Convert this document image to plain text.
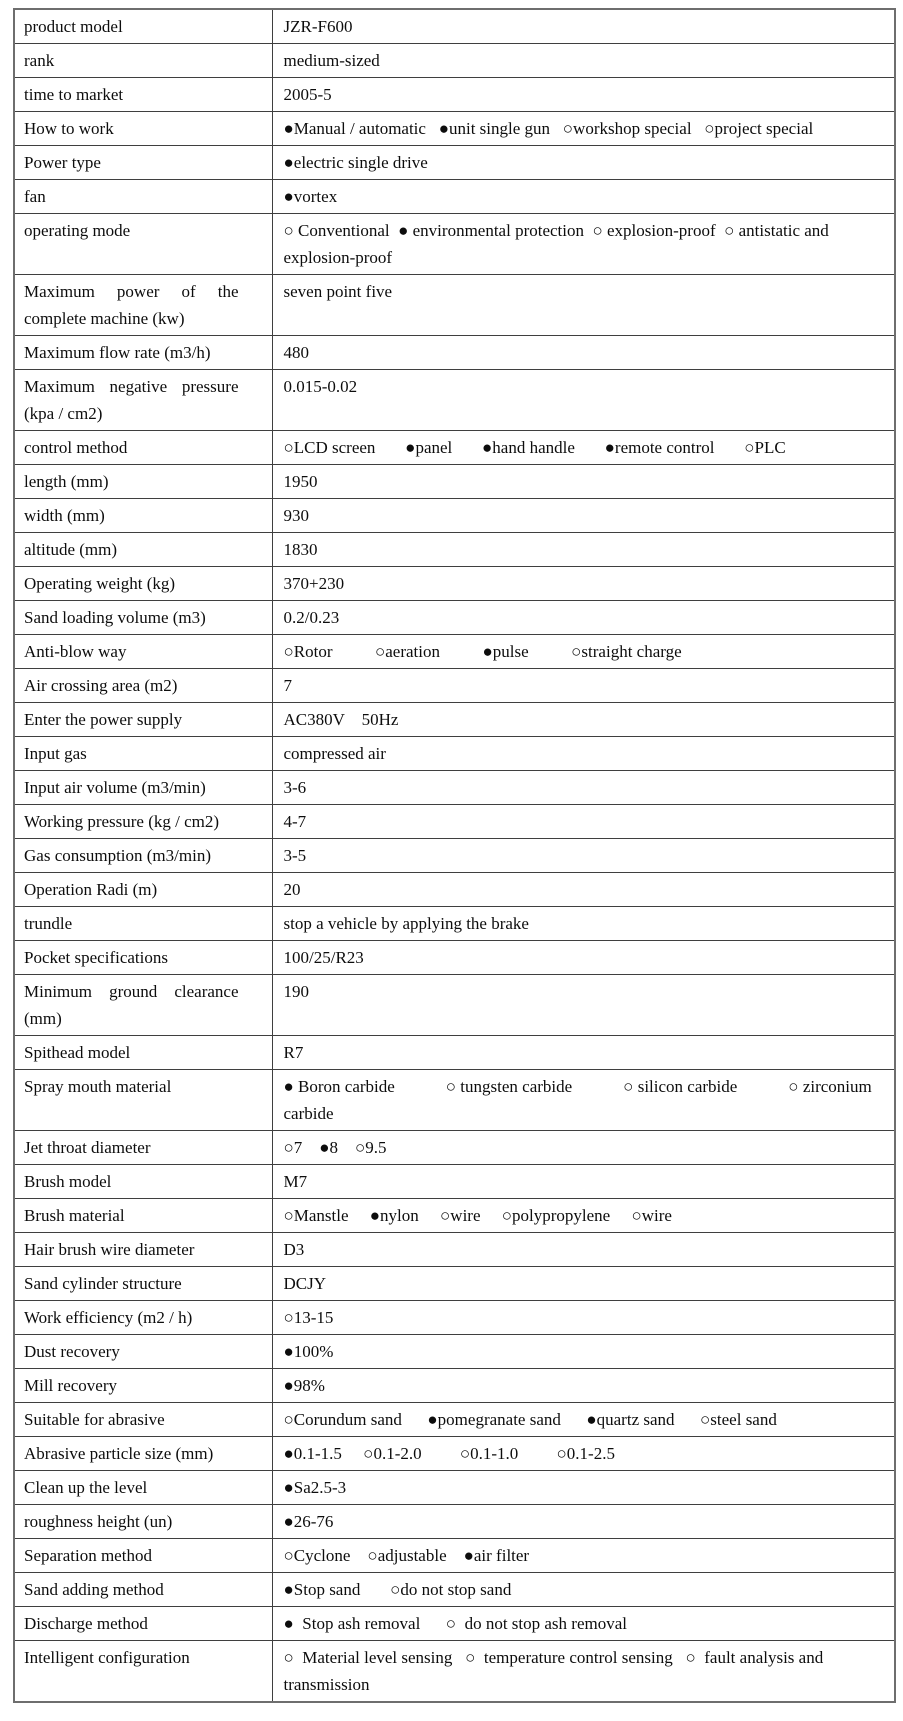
product model	JZR-F600
rank	medium-sized
time to market	2005-5
How to work	●Manual / automatic   ●unit single gun   ○workshop special   ○project special
Power type	●electric single drive
fan	●vortex
operating mode	○ Conventional  ● environmental protection  ○ explosion-proof  ○ antistatic and explosion-proof
Maximum power of the complete machine (kw)	seven point five
Maximum flow rate (m3/h)	480
Maximum negative pressure (kpa / cm2)	0.015-0.02
control method	○LCD screen       ●panel       ●hand handle       ●remote control       ○PLC
length (mm)	1950
width (mm)	930
altitude (mm)	1830
Operating weight (kg)	370+230
Sand loading volume (m3)	0.2/0.23
Anti-blow way	○Rotor          ○aeration          ●pulse          ○straight charge
Air crossing area (m2)	7
Enter the power supply	AC380V    50Hz
Input gas	compressed air
Input air volume (m3/min)	3-6
Working pressure (kg / cm2)	4-7
Gas consumption (m3/min)	3-5
Operation Radi (m)	20
trundle	stop a vehicle by applying the brake
Pocket specifications	100/25/R23
Minimum ground clearance (mm)	190
Spithead model	R7
Spray mouth material	● Boron carbide            ○ tungsten carbide            ○ silicon carbide            ○ zirconium carbide
Jet throat diameter	○7    ●8    ○9.5
Brush model	M7
Brush material	○Manstle     ●nylon     ○wire     ○polypropylene     ○wire
Hair brush wire diameter	D3
Sand cylinder structure	DCJY
Work efficiency (m2 / h)	○13-15
Dust recovery	●100%
Mill recovery	●98%
Suitable for abrasive	○Corundum sand      ●pomegranate sand      ●quartz sand      ○steel sand
Abrasive particle size (mm)	●0.1-1.5     ○0.1-2.0         ○0.1-1.0         ○0.1-2.5
Clean up the level	●Sa2.5-3
roughness height (un)	●26-76
Separation method	○Cyclone    ○adjustable    ●air filter
Sand adding method	●Stop sand       ○do not stop sand
Discharge method	●  Stop ash removal      ○  do not stop ash removal
Intelligent configuration	○  Material level sensing   ○  temperature control sensing   ○  fault analysis and transmission
